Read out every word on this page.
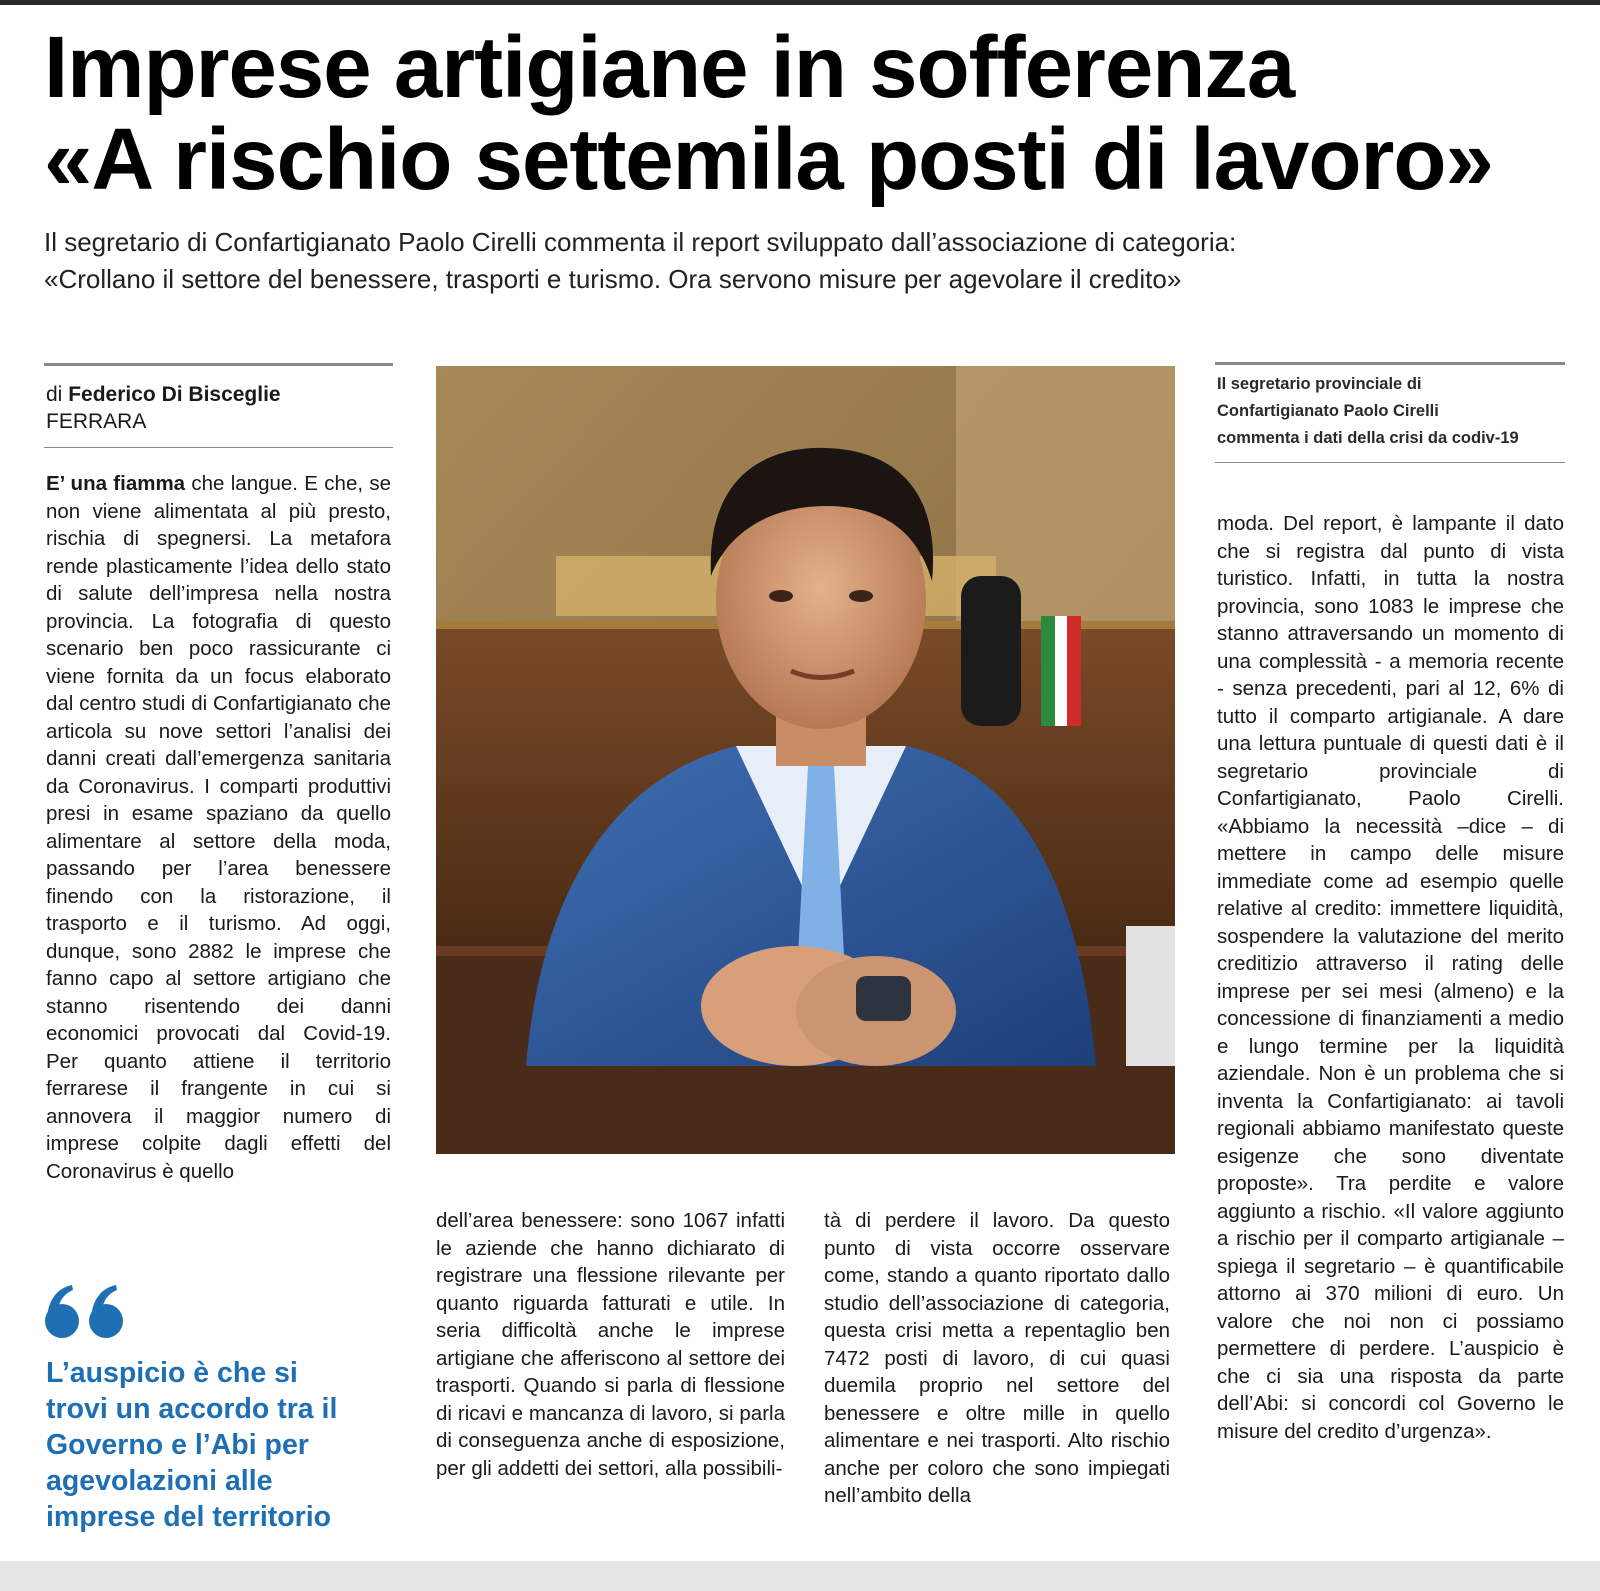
Imprese artigiane in sofferenza
«A rischio settemila posti di lavoro»
Il segretario di Confartigianato Paolo Cirelli commenta il report sviluppato dall’associazione di categoria:
«Crollano il settore del benessere, trasporti e turismo. Ora servono misure per agevolare il credito»
di Federico Di Bisceglie
FERRARA
E’ una fiamma che langue. E che, se non viene alimentata al più presto, rischia di spegnersi. La metafora rende plasticamente l’idea dello stato di salute dell’impresa nella nostra provincia. La fotografia di questo scenario ben poco rassicurante ci viene fornita da un focus elaborato dal centro studi di Confartigianato che articola su nove settori l’analisi dei danni creati dall’emergenza sanitaria da Coronavirus. I comparti produttivi presi in esame spaziano da quello alimentare al settore della moda, passando per l’area benessere finendo con la ristorazione, il trasporto e il turismo. Ad oggi, dunque, sono 2882 le imprese che fanno capo al settore artigiano che stanno risentendo dei danni economici provocati dal Covid-19. Per quanto attiene il territorio ferrarese il frangente in cui si annovera il maggior numero di imprese colpite dagli effetti del Coronavirus è quello
L’auspicio è che si
trovi un accordo tra il
Governo e l’Abi per
agevolazioni alle
imprese del territorio
Il segretario provinciale di
Confartigianato Paolo Cirelli
commenta i dati della crisi da codiv-19
dell’area benessere: sono 1067 infatti le aziende che hanno dichiarato di registrare una flessione rilevante per quanto riguarda fatturati e utile. In seria difficoltà anche le imprese artigiane che afferiscono al settore dei trasporti. Quando si parla di flessione di ricavi e mancanza di lavoro, si parla di conseguenza anche di esposizione, per gli addetti dei settori, alla possibili-
tà di perdere il lavoro. Da questo punto di vista occorre osservare come, stando a quanto riportato dallo studio dell’associazione di categoria, questa crisi metta a repentaglio ben 7472 posti di lavoro, di cui quasi duemila proprio nel settore del benessere e oltre mille in quello alimentare e nei trasporti. Alto rischio anche per coloro che sono impiegati nell’ambito della
moda. Del report, è lampante il dato che si registra dal punto di vista turistico. Infatti, in tutta la nostra provincia, sono 1083 le imprese che stanno attraversando un momento di una complessità - a memoria recente - senza precedenti, pari al 12, 6% di tutto il comparto artigianale. A dare una lettura puntuale di questi dati è il segretario provinciale di Confartigianato, Paolo Cirelli. «Abbiamo la necessità –dice – di mettere in campo delle misure immediate come ad esempio quelle relative al credito: immettere liquidità, sospendere la valutazione del merito creditizio attraverso il rating delle imprese per sei mesi (almeno) e la concessione di finanziamenti a medio e lungo termine per la liquidità aziendale. Non è un problema che si inventa la Confartigianato: ai tavoli regionali abbiamo manifestato queste esigenze che sono diventate proposte». Tra perdite e valore aggiunto a rischio. «Il valore aggiunto a rischio per il comparto artigianale – spiega il segretario – è quantificabile attorno ai 370 milioni di euro. Un valore che noi non ci possiamo permettere di perdere. L’auspicio è che ci sia una risposta da parte dell’Abi: si concordi col Governo le misure del credito d’urgenza».
